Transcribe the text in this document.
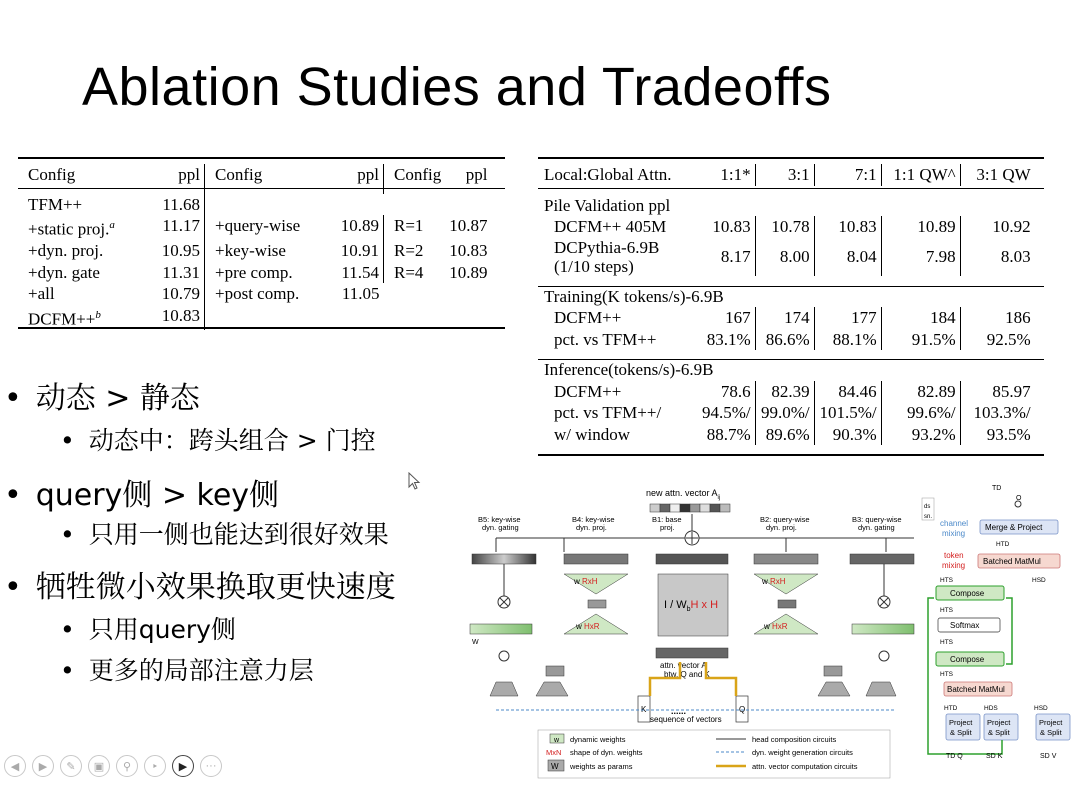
Ablation Studies and Tradeoffs
Config	ppl	Config	ppl	Config	ppl

TFM++	11.68				
+static proj.$^a$	11.17	+query-wise	10.89	R=1	10.87
+dyn. proj.	10.95	+key-wise	10.91	R=2	10.83
+dyn. gate	11.31	+pre comp.	11.54	R=4	10.89
+all	10.79	+post comp.	11.05		
DCFM++$^b$	10.83				
Local:Global Attn.	1:1*	3:1	7:1	1:1 QW^	3:1 QW

Pile Validation ppl					
DCFM++ 405M	10.83	10.78	10.83	10.89	10.92
DCPythia-6.9B
(1/10 steps)	8.17	8.00	8.04	7.98	8.03

Training(K tokens/s)-6.9B					
DCFM++	167	174	177	184	186
pct. vs TFM++	83.1%	86.6%	88.1%	91.5%	92.5%

Inference(tokens/s)-6.9B					
DCFM++	78.6	82.39	84.46	82.89	85.97
pct. vs TFM++/	94.5%/	99.0%/	101.5%/	99.6%/	103.3%/
w/ window	88.7%	89.6%	90.3%	93.2%	93.5%
• 动态 > 静态
• 动态中：跨头组合 > 门控
• query侧 > key侧
• 只用一侧也能达到很好效果
• 牺牲微小效果换取更快速度
• 只用query侧
• 更多的局部注意力层
new attn. vector $A_{ij}$
B5: key-wise
dyn. gating
B4: key-wise
dyn. proj.
B1: base
proj.
B2: query-wise
dyn. proj.
B3: query-wise
dyn. gating
W
w RxH
w HxR
w RxH
w HxR
I / $W_bH$ x H
attn. vector A
btw. Q and K
K	Q
......
sequence of vectors
w dynamic weights
MxN shape of dyn. weights
W weights as params
head composition circuits
dyn. weight generation circuits
attn. vector computation circuits
ds
sn.
channel
mixing
token
mixing
TD
Merge & Project
HTD
Batched MatMul
HTS	HSD
Compose
HTS
Softmax
HTS
Compose
HTS
Batched MatMul
HTD	HDS	HSD
Project
& Split
Project
& Split
Project
& Split
TD Q	SD K	SD V
O
◀	▶	✎	▣	⚲	‣	▶	···
